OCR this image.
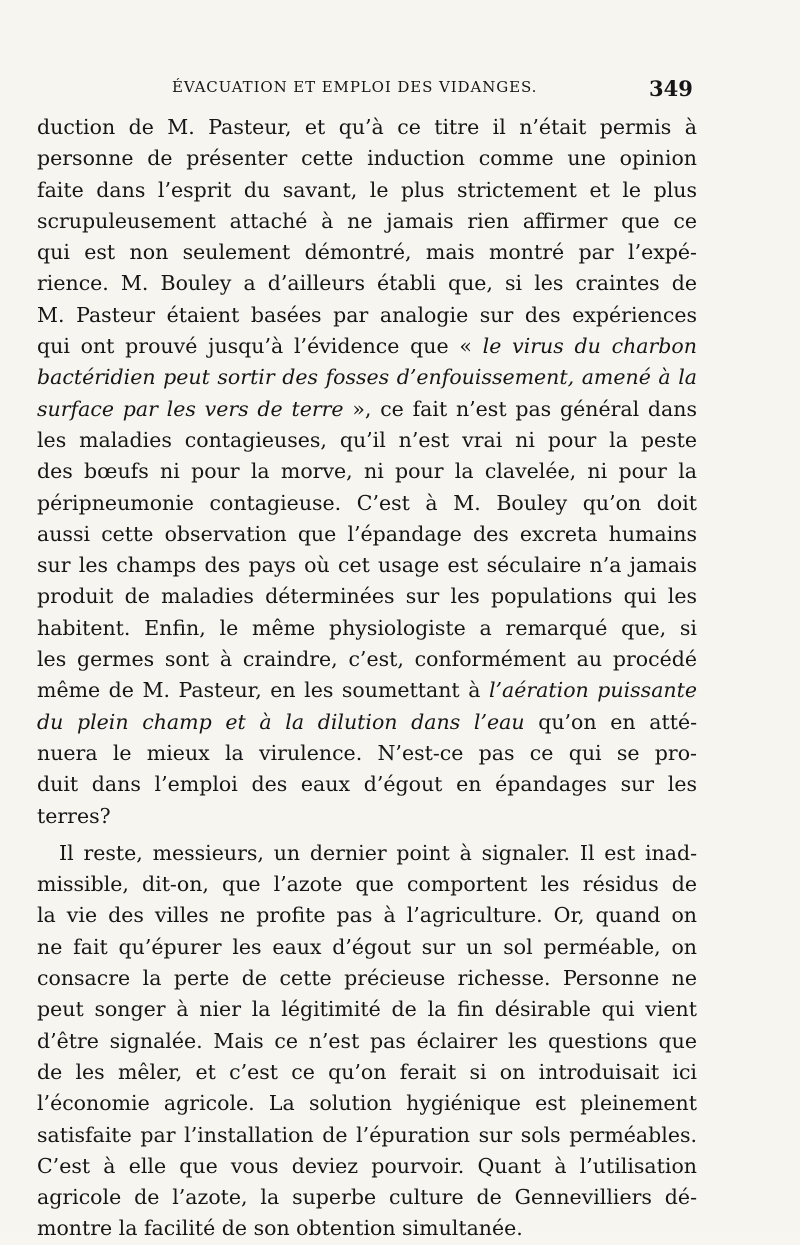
ÉVACUATION ET EMPLOI DES VIDANGES.	349
duction de M. Pasteur, et qu’à ce titre il n’était permis à
personne de présenter cette induction comme une opinion
faite dans l’esprit du savant, le plus strictement et le plus
scrupuleusement attaché à ne jamais rien affirmer que ce
qui est non seulement démontré, mais montré par l’expé-
rience. M. Bouley a d’ailleurs établi que, si les craintes de
M. Pasteur étaient basées par analogie sur des expériences
qui ont prouvé jusqu’à l’évidence que « le virus du charbon
bactéridien peut sortir des fosses d’enfouissement, amené à la
surface par les vers de terre », ce fait n’est pas général dans
les maladies contagieuses, qu’il n’est vrai ni pour la peste
des bœufs ni pour la morve, ni pour la clavelée, ni pour la
péripneumonie contagieuse. C’est à M. Bouley qu’on doit
aussi cette observation que l’épandage des excreta humains
sur les champs des pays où cet usage est séculaire n’a jamais
produit de maladies déterminées sur les populations qui les
habitent. Enfin, le même physiologiste a remarqué que, si
les germes sont à craindre, c’est, conformément au procédé
même de M. Pasteur, en les soumettant à l’aération puissante
du plein champ et à la dilution dans l’eau qu’on en atté-
nuera le mieux la virulence. N’est-ce pas ce qui se pro-
duit dans l’emploi des eaux d’égout en épandages sur les
terres?
Il reste, messieurs, un dernier point à signaler. Il est inad-
missible, dit-on, que l’azote que comportent les résidus de
la vie des villes ne profite pas à l’agriculture. Or, quand on
ne fait qu’épurer les eaux d’égout sur un sol perméable, on
consacre la perte de cette précieuse richesse. Personne ne
peut songer à nier la légitimité de la fin désirable qui vient
d’être signalée. Mais ce n’est pas éclairer les questions que
de les mêler, et c’est ce qu’on ferait si on introduisait ici
l’économie agricole. La solution hygiénique est pleinement
satisfaite par l’installation de l’épuration sur sols perméables.
C’est à elle que vous deviez pourvoir. Quant à l’utilisation
agricole de l’azote, la superbe culture de Gennevilliers dé-
montre la facilité de son obtention simultanée.
